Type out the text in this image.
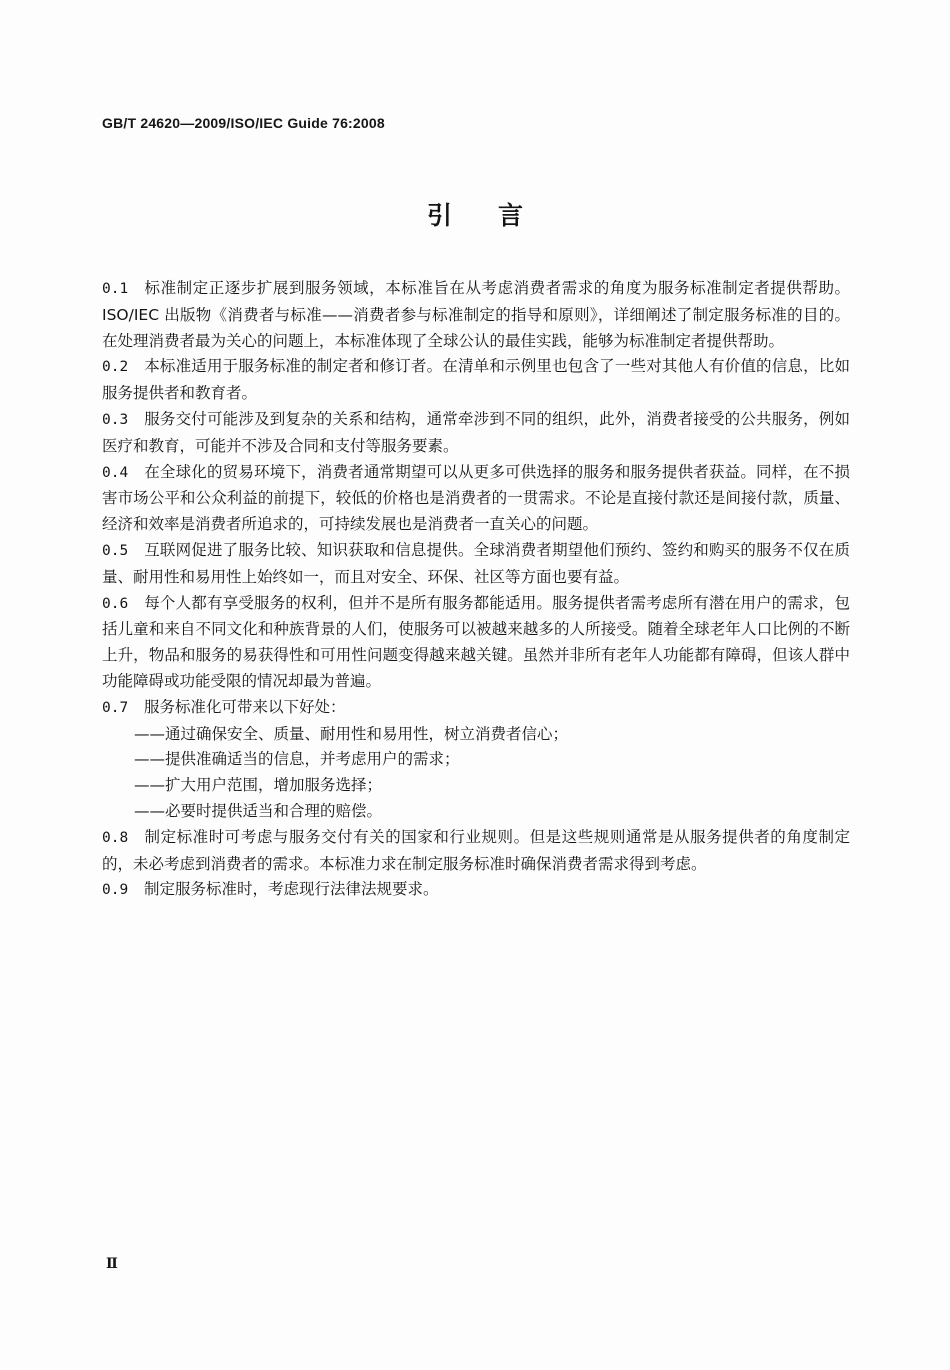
GB/T 24620—2009/ISO/IEC Guide 76:2008
引言

0.1 标准制定正逐步扩展到服务领域，本标准旨在从考虑消费者需求的角度为服务标准制定者提供帮助。ISO/IEC 出版物《消费者与标准——消费者参与标准制定的指导和原则》，详细阐述了制定服务标准的目的。在处理消费者最为关心的问题上，本标准体现了全球公认的最佳实践，能够为标准制定者提供帮助。

0.2 本标准适用于服务标准的制定者和修订者。在清单和示例里也包含了一些对其他人有价值的信息，比如服务提供者和教育者。

0.3 服务交付可能涉及到复杂的关系和结构，通常牵涉到不同的组织，此外，消费者接受的公共服务，例如医疗和教育，可能并不涉及合同和支付等服务要素。

0.4 在全球化的贸易环境下，消费者通常期望可以从更多可供选择的服务和服务提供者获益。同样，在不损害市场公平和公众利益的前提下，较低的价格也是消费者的一贯需求。不论是直接付款还是间接付款，质量、经济和效率是消费者所追求的，可持续发展也是消费者一直关心的问题。

0.5 互联网促进了服务比较、知识获取和信息提供。全球消费者期望他们预约、签约和购买的服务不仅在质量、耐用性和易用性上始终如一，而且对安全、环保、社区等方面也要有益。

0.6 每个人都有享受服务的权利，但并不是所有服务都能适用。服务提供者需考虑所有潜在用户的需求，包括儿童和来自不同文化和种族背景的人们，使服务可以被越来越多的人所接受。随着全球老年人口比例的不断上升，物品和服务的易获得性和可用性问题变得越来越关键。虽然并非所有老年人功能都有障碍，但该人群中功能障碍或功能受限的情况却最为普遍。

0.7 服务标准化可带来以下好处：

——通过确保安全、质量、耐用性和易用性，树立消费者信心；

——提供准确适当的信息，并考虑用户的需求；

——扩大用户范围，增加服务选择；

——必要时提供适当和合理的赔偿。

0.8 制定标准时可考虑与服务交付有关的国家和行业规则。但是这些规则通常是从服务提供者的角度制定的，未必考虑到消费者的需求。本标准力求在制定服务标准时确保消费者需求得到考虑。

0.9 制定服务标准时，考虑现行法律法规要求。

Ⅱ
